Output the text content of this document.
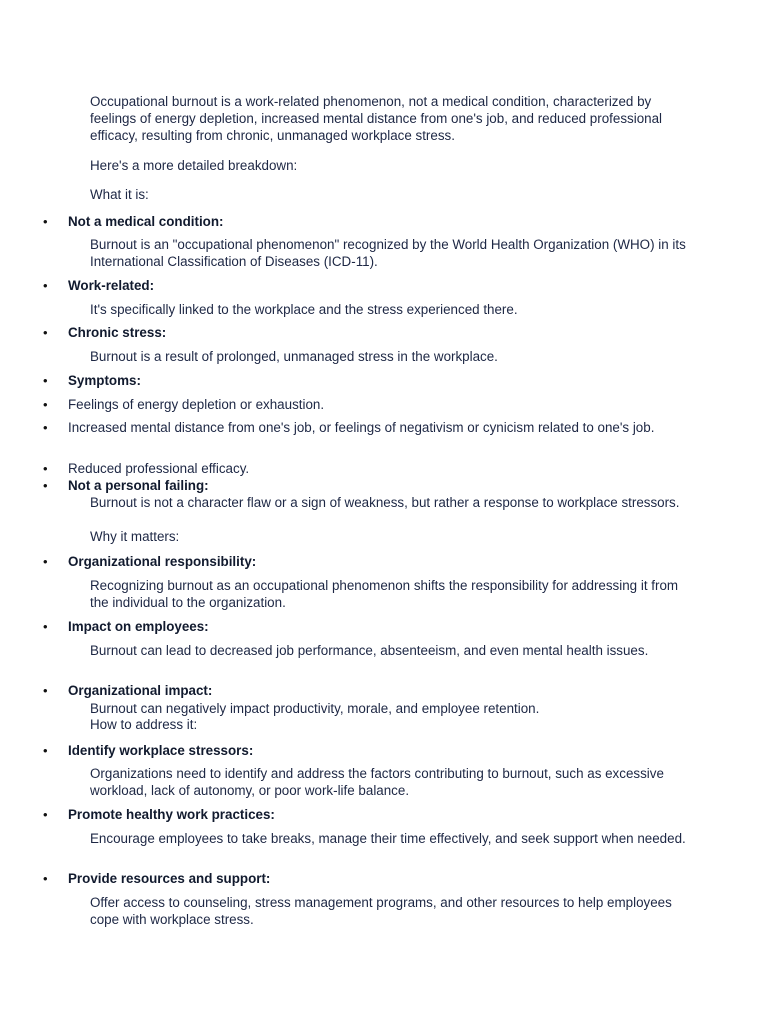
Occupational burnout is a work-related phenomenon, not a medical condition, characterized by feelings of energy depletion, increased mental distance from one's job, and reduced professional efficacy, resulting from chronic, unmanaged workplace stress.

Here's a more detailed breakdown:

What it is:

• Not a medical condition:

Burnout is an "occupational phenomenon" recognized by the World Health Organization (WHO) in its International Classification of Diseases (ICD-11).

• Work-related:

It's specifically linked to the workplace and the stress experienced there.

• Chronic stress:

Burnout is a result of prolonged, unmanaged stress in the workplace.

• Symptoms:

• Feelings of energy depletion or exhaustion.

• Increased mental distance from one's job, or feelings of negativism or cynicism related to one's job.

• Reduced professional efficacy.

• Not a personal failing:

Burnout is not a character flaw or a sign of weakness, but rather a response to workplace stressors.

Why it matters:

• Organizational responsibility:

Recognizing burnout as an occupational phenomenon shifts the responsibility for addressing it from the individual to the organization.

• Impact on employees:

Burnout can lead to decreased job performance, absenteeism, and even mental health issues.

• Organizational impact:

Burnout can negatively impact productivity, morale, and employee retention.

How to address it:

• Identify workplace stressors:

Organizations need to identify and address the factors contributing to burnout, such as excessive workload, lack of autonomy, or poor work-life balance.

• Promote healthy work practices:

Encourage employees to take breaks, manage their time effectively, and seek support when needed.

• Provide resources and support:

Offer access to counseling, stress management programs, and other resources to help employees cope with workplace stress.
